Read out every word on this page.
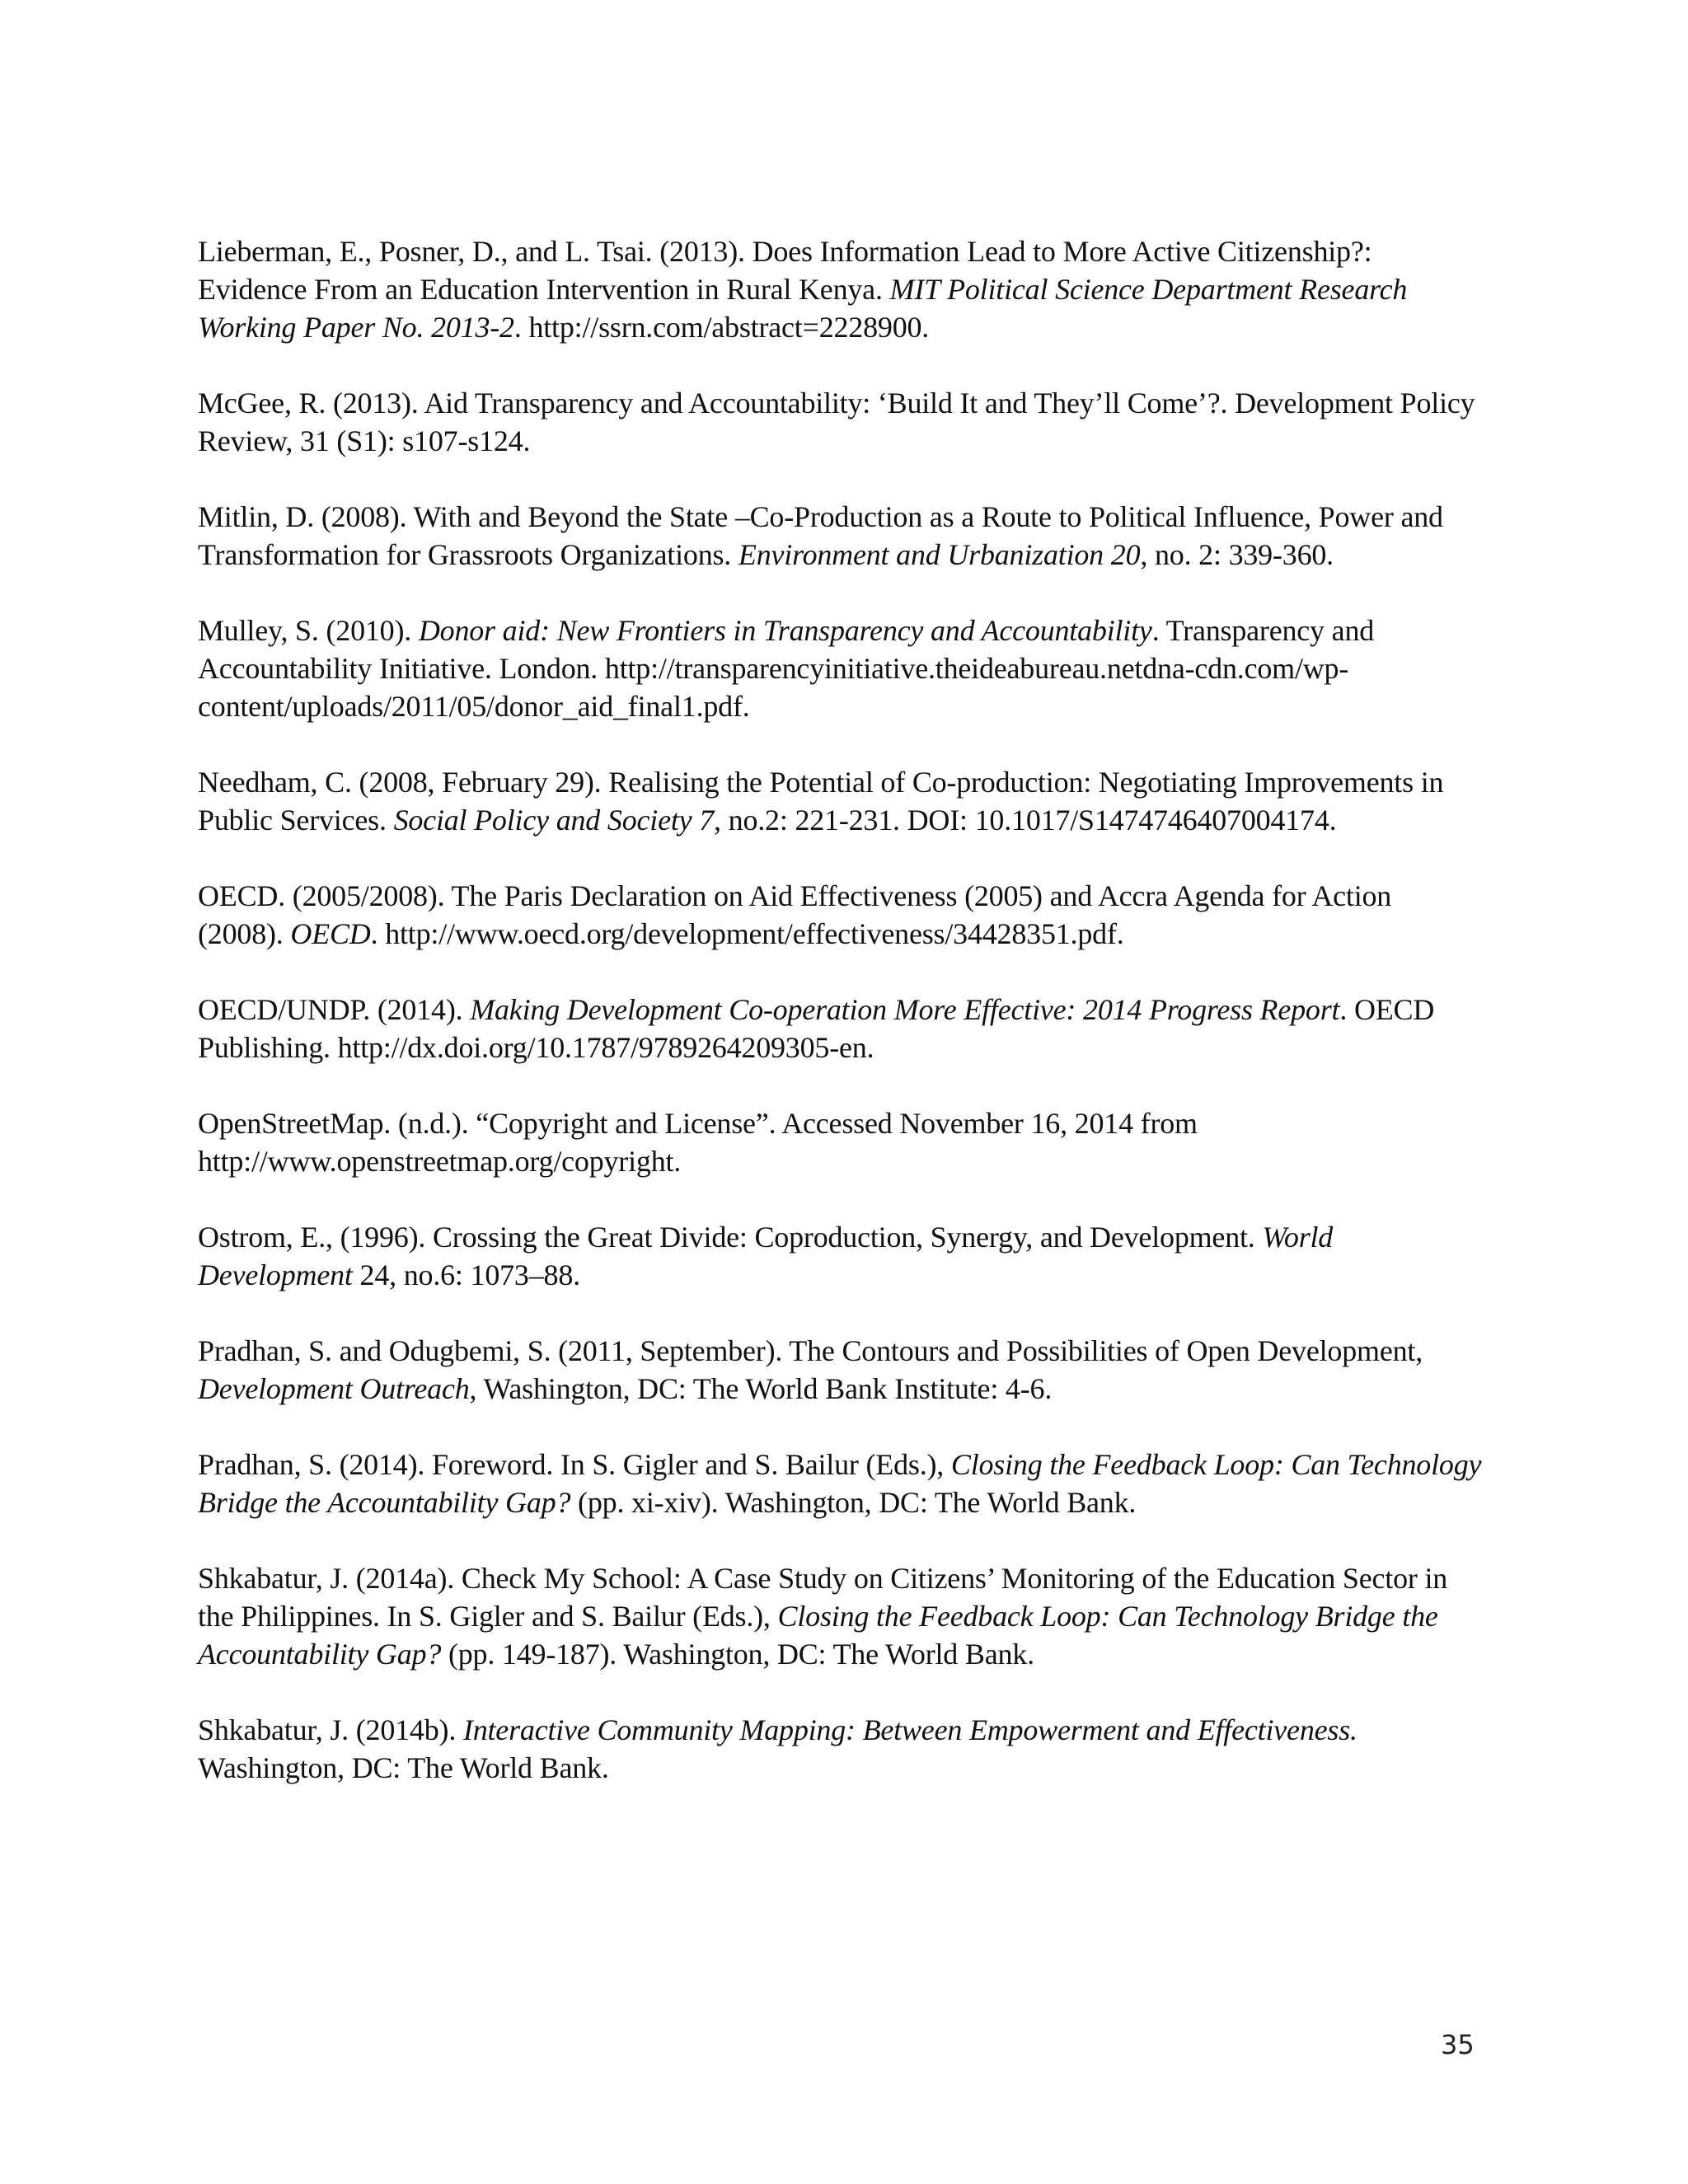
Lieberman, E., Posner, D., and L. Tsai. (2013). Does Information Lead to More Active Citizenship?: Evidence From an Education Intervention in Rural Kenya. MIT Political Science Department Research Working Paper No. 2013-2. http://ssrn.com/abstract=2228900.

McGee, R. (2013). Aid Transparency and Accountability: ‘Build It and They’ll Come’?. Development Policy Review, 31 (S1): s107-s124.

Mitlin, D. (2008). With and Beyond the State –Co-Production as a Route to Political Influence, Power and Transformation for Grassroots Organizations. Environment and Urbanization 20, no. 2: 339-360.

Mulley, S. (2010). Donor aid: New Frontiers in Transparency and Accountability. Transparency and Accountability Initiative. London. http://transparencyinitiative.theideabureau.netdna-cdn.com/wp-content/uploads/2011/05/donor_aid_final1.pdf.

Needham, C. (2008, February 29). Realising the Potential of Co-production: Negotiating Improvements in Public Services. Social Policy and Society 7, no.2: 221-231. DOI: 10.1017/S1474746407004174.

OECD. (2005/2008). The Paris Declaration on Aid Effectiveness (2005) and Accra Agenda for Action (2008). OECD. http://www.oecd.org/development/effectiveness/34428351.pdf.

OECD/UNDP. (2014). Making Development Co-operation More Effective: 2014 Progress Report. OECD Publishing. http://dx.doi.org/10.1787/9789264209305-en.

OpenStreetMap. (n.d.). “Copyright and License”. Accessed November 16, 2014 from http://www.openstreetmap.org/copyright.

Ostrom, E., (1996). Crossing the Great Divide: Coproduction, Synergy, and Development. World Development 24, no.6: 1073–88.

Pradhan, S. and Odugbemi, S. (2011, September). The Contours and Possibilities of Open Development, Development Outreach, Washington, DC: The World Bank Institute: 4-6.

Pradhan, S. (2014). Foreword. In S. Gigler and S. Bailur (Eds.), Closing the Feedback Loop: Can Technology Bridge the Accountability Gap? (pp. xi-xiv). Washington, DC: The World Bank.

Shkabatur, J. (2014a). Check My School: A Case Study on Citizens’ Monitoring of the Education Sector in the Philippines. In S. Gigler and S. Bailur (Eds.), Closing the Feedback Loop: Can Technology Bridge the Accountability Gap? (pp. 149-187). Washington, DC: The World Bank.

Shkabatur, J. (2014b). Interactive Community Mapping: Between Empowerment and Effectiveness. Washington, DC: The World Bank.

35
